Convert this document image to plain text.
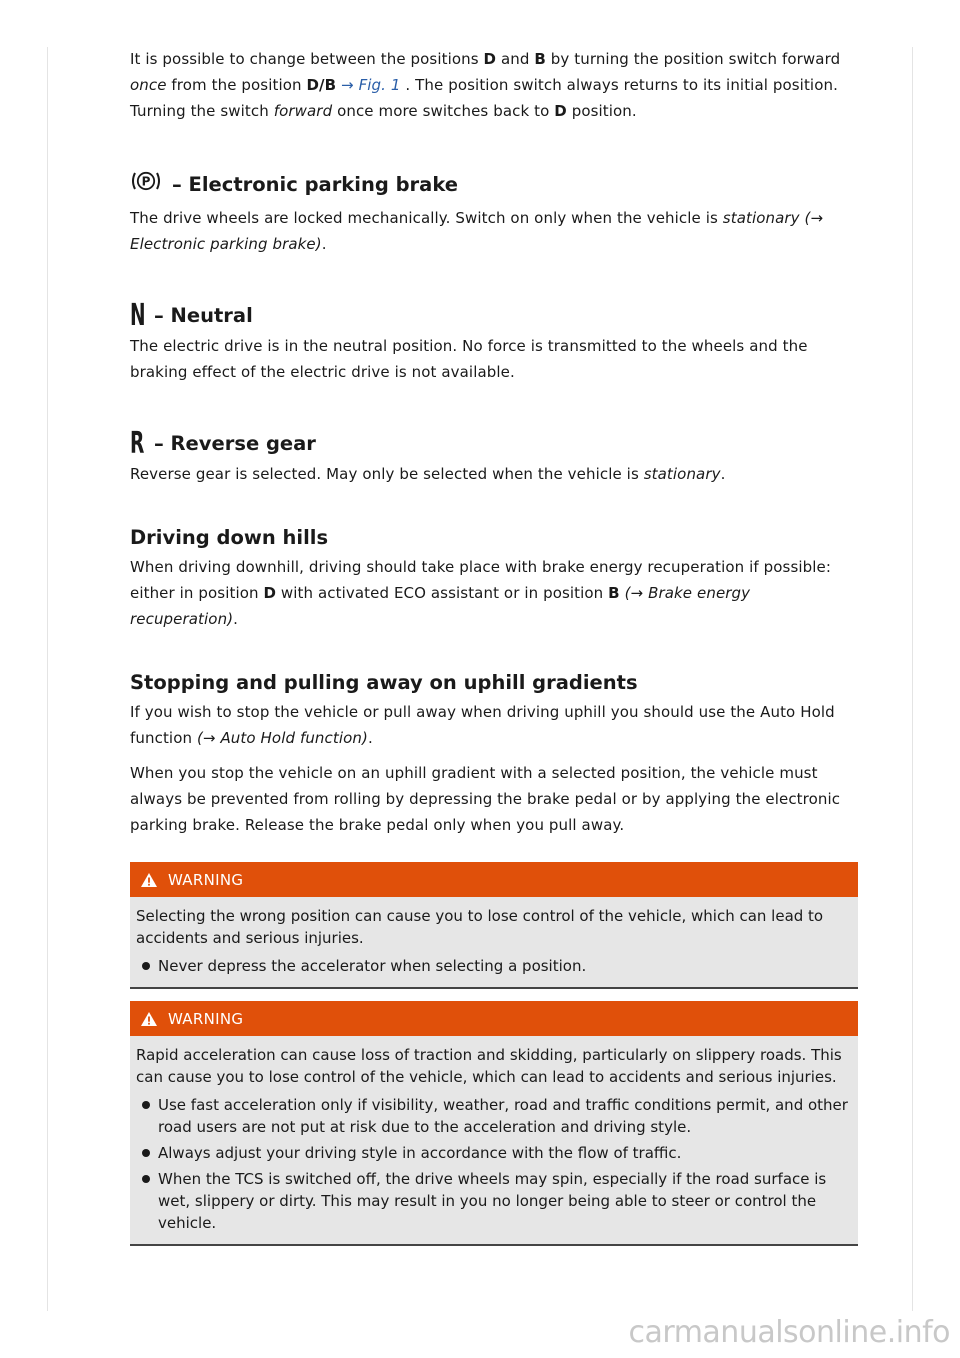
It is possible to change between the positions D and B by turning the position switch forward
once from the position D/B → Fig. 1 . The position switch always returns to its initial position.
Turning the switch forward once more switches back to D position.

P – Electronic parking brake

The drive wheels are locked mechanically. Switch on only when the vehicle is stationary (→ Electronic parking brake).

N – Neutral

The electric drive is in the neutral position. No force is transmitted to the wheels and the braking effect of the electric drive is not available.

R – Reverse gear

Reverse gear is selected. May only be selected when the vehicle is stationary.

Driving down hills

When driving downhill, driving should take place with brake energy recuperation if possible: either in position D with activated ECO assistant or in position B (→ Brake energy recuperation).

Stopping and pulling away on uphill gradients

If you wish to stop the vehicle or pull away when driving uphill you should use the Auto Hold function (→ Auto Hold function).

When you stop the vehicle on an uphill gradient with a selected position, the vehicle must always be prevented from rolling by depressing the brake pedal or by applying the electronic parking brake. Release the brake pedal only when you pull away.

WARNING
Selecting the wrong position can cause you to lose control of the vehicle, which can lead to accidents and serious injuries.
Never depress the accelerator when selecting a position.
WARNING
Rapid acceleration can cause loss of traction and skidding, particularly on slippery roads. This can cause you to lose control of the vehicle, which can lead to accidents and serious injuries.
Use fast acceleration only if visibility, weather, road and traffic conditions permit, and other road users are not put at risk due to the acceleration and driving style.
Always adjust your driving style in accordance with the flow of traffic.
When the TCS is switched off, the drive wheels may spin, especially if the road surface is wet, slippery or dirty. This may result in you no longer being able to steer or control the vehicle.
carmanualsonline.info
